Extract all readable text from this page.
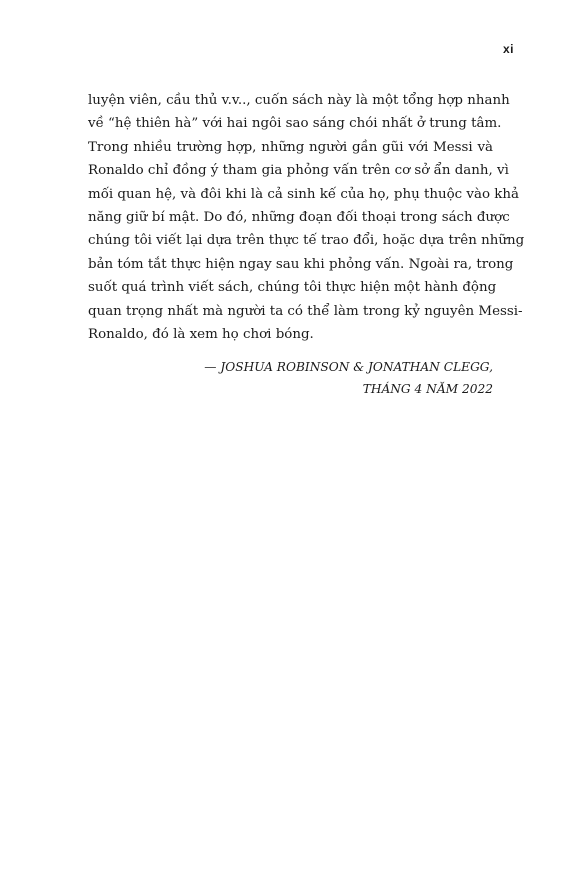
xi
luyện viên, cầu thủ v.v.., cuốn sách này là một tổng hợp nhanh
về “hệ thiên hà” với hai ngôi sao sáng chói nhất ở trung tâm.
Trong nhiều trường hợp, những người gần gũi với Messi và
Ronaldo chỉ đồng ý tham gia phỏng vấn trên cơ sở ẩn danh, vì
mối quan hệ, và đôi khi là cả sinh kế của họ, phụ thuộc vào khả
năng giữ bí mật. Do đó, những đoạn đối thoại trong sách được
chúng tôi viết lại dựa trên thực tế trao đổi, hoặc dựa trên những
bản tóm tắt thực hiện ngay sau khi phỏng vấn. Ngoài ra, trong
suốt quá trình viết sách, chúng tôi thực hiện một hành động
quan trọng nhất mà người ta có thể làm trong kỷ nguyên Messi-
Ronaldo, đó là xem họ chơi bóng.
— JOSHUA ROBINSON & JONATHAN CLEGG,
THÁNG 4 NĂM 2022
